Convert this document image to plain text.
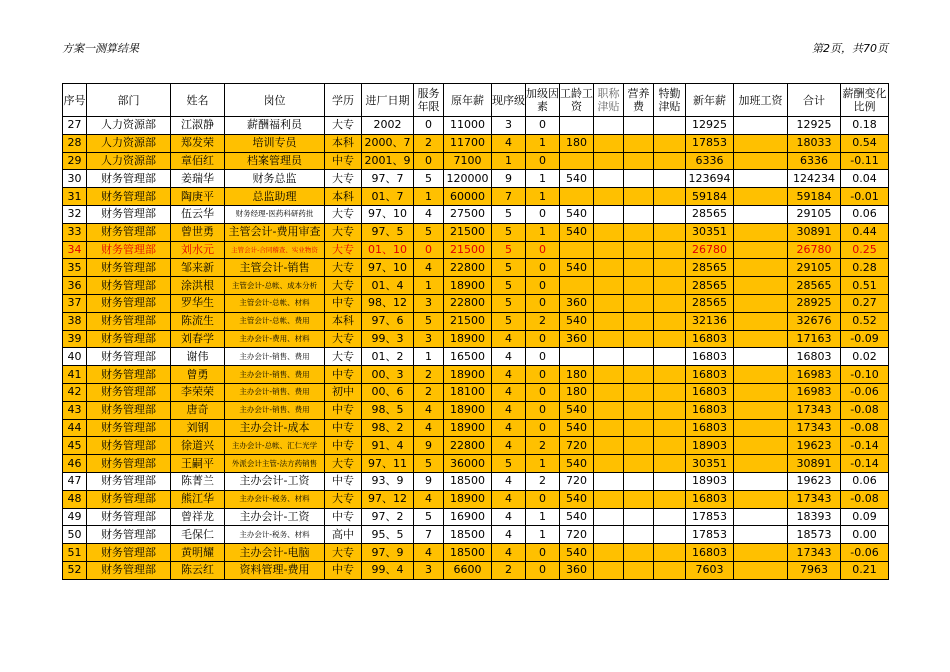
方案一测算结果	第2页，共70页
序号	部门	姓名	岗位	学历	进厂日期	服务年限	原年薪	现序级	加级因素	工龄工资	职称津贴	营养费	特勤津贴	新年薪	加班工资	合计	薪酬变化比例
27	人力资源部	江淑静	薪酬福利员	大专	2002	0	11000	3	0					12925		12925	0.18
28	人力资源部	郑发荣	培训专员	本科	2000、7	2	11700	4	1	180				17853		18033	0.54
29	人力资源部	章佰红	档案管理员	中专	2001、9	0	7100	1	0					6336		6336	-0.11
30	财务管理部	姜瑞华	财务总监	大专	97、7	5	120000	9	1	540				123694		124234	0.04
31	财务管理部	陶庚平	总监助理	本科	01、7	1	60000	7	1					59184		59184	-0.01
32	财务管理部	伍云华	财务经理-医药科研药批	大专	97、10	4	27500	5	0	540				28565		29105	0.06
33	财务管理部	曾世勇	主管会计-费用审查	大专	97、5	5	21500	5	1	540				30351		30891	0.44
34	财务管理部	刘水元	主管会计-合同稽查、实业物资	大专	01、10	0	21500	5	0					26780		26780	0.25
35	财务管理部	邹来新	主管会计-销售	大专	97、10	4	22800	5	0	540				28565		29105	0.28
36	财务管理部	涂洪根	主管会计-总帐、成本分析	大专	01、4	1	18900	5	0					28565		28565	0.51
37	财务管理部	罗华生	主管会计-总帐、材料	中专	98、12	3	22800	5	0	360				28565		28925	0.27
38	财务管理部	陈流生	主管会计-总帐、费用	本科	97、6	5	21500	5	2	540				32136		32676	0.52
39	财务管理部	刘春学	主办会计-费用、材料	大专	99、3	3	18900	4	0	360				16803		17163	-0.09
40	财务管理部	谢伟	主办会计-销售、费用	大专	01、2	1	16500	4	0					16803		16803	0.02
41	财务管理部	曾勇	主办会计-销售、费用	中专	00、3	2	18900	4	0	180				16803		16983	-0.10
42	财务管理部	李荣荣	主办会计-销售、费用	初中	00、6	2	18100	4	0	180				16803		16983	-0.06
43	财务管理部	唐奇	主办会计-销售、费用	中专	98、5	4	18900	4	0	540				16803		17343	-0.08
44	财务管理部	刘钢	主办会计-成本	中专	98、2	4	18900	4	0	540				16803		17343	-0.08
45	财务管理部	徐道兴	主办会计-总帐、汇仁光学	中专	91、4	9	22800	4	2	720				18903		19623	-0.14
46	财务管理部	王嗣平	外派会计主管-法方药销售	大专	97、11	5	36000	5	1	540				30351		30891	-0.14
47	财务管理部	陈菁兰	主办会计-工资	中专	93、9	9	18500	4	2	720				18903		19623	0.06
48	财务管理部	熊江华	主办会计-税务、材料	大专	97、12	4	18900	4	0	540				16803		17343	-0.08
49	财务管理部	曾祥龙	主办会计-工资	中专	97、2	5	16900	4	1	540				17853		18393	0.09
50	财务管理部	毛保仁	主办会计-税务、材料	高中	95、5	7	18500	4	1	720				17853		18573	0.00
51	财务管理部	黄明耀	主办会计-电脑	大专	97、9	4	18500	4	0	540				16803		17343	-0.06
52	财务管理部	陈云红	资料管理-费用	中专	99、4	3	6600	2	0	360				7603		7963	0.21
